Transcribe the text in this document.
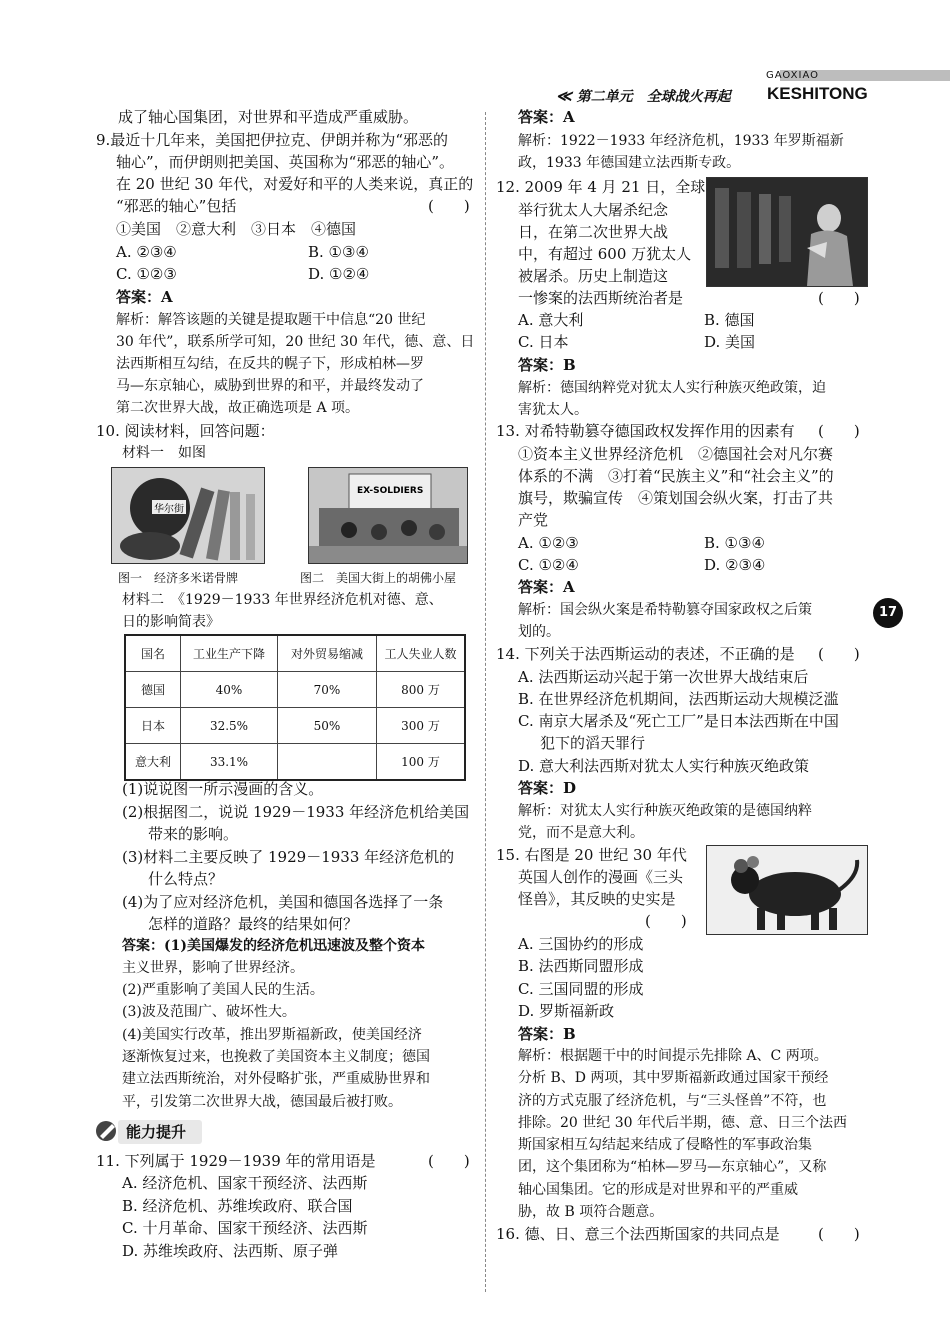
GAOXIAO
≪ 第二单元　全球战火再起 KESHITONG
17
成了轴心国集团，对世界和平造成严重威胁。
9.最近十几年来，美国把伊拉克、伊朗并称为“邪恶的
轴心”，而伊朗则把美国、英国称为“邪恶的轴心”。
在 20 世纪 30 年代，对爱好和平的人类来说，真正的
“邪恶的轴心”包括	(　　)
①美国　②意大利　③日本　④德国
A. ②③④	B. ①③④
C. ①②③	D. ①②④
答案：A
解析：解答该题的关键是提取题干中信息“20 世纪
30 年代”，联系所学可知，20 世纪 30 年代，德、意、日
法西斯相互勾结，在反共的幌子下，形成柏林—罗
马—东京轴心，威胁到世界的和平，并最终发动了
第二次世界大战，故正确选项是 A 项。
10. 阅读材料，回答问题：
材料一　如图
华尔街
EX-SOLDIERS
图一　经济多米诺骨牌	图二　美国大街上的胡佛小屋
材料二　《1929－1933 年世界经济危机对德、意、
日的影响简表》
国名	工业生产下降	对外贸易缩减	工人失业人数
德国	40%	70%	800 万
日本	32.5%	50%	300 万
意大利	33.1%		100 万
(1)说说图一所示漫画的含义。
(2)根据图二，说说 1929－1933 年经济危机给美国
带来的影响。
(3)材料二主要反映了 1929－1933 年经济危机的
什么特点？
(4)为了应对经济危机，美国和德国各选择了一条
怎样的道路？最终的结果如何？
答案：(1)美国爆发的经济危机迅速波及整个资本
主义世界，影响了世界经济。
(2)严重影响了美国人民的生活。
(3)波及范围广、破坏性大。
(4)美国实行改革，推出罗斯福新政，使美国经济
逐渐恢复过来，也挽救了美国资本主义制度；德国
建立法西斯统治，对外侵略扩张，严重威胁世界和
平，引发第二次世界大战，德国最后被打败。
能力提升
11. 下列属于 1929－1939 年的常用语是	(　　)
A. 经济危机、国家干预经济、法西斯
B. 经济危机、苏维埃政府、联合国
C. 十月革命、国家干预经济、法西斯
D. 苏维埃政府、法西斯、原子弹
答案：A
解析：1922－1933 年经济危机，1933 年罗斯福新
政，1933 年德国建立法西斯专政。
12. 2009 年 4 月 21 日，全球
举行犹太人大屠杀纪念
日，在第二次世界大战
中，有超过 600 万犹太人
被屠杀。历史上制造这
一惨案的法西斯统治者是	(　　)
A. 意大利	B. 德国
C. 日本	D. 美国
答案：B
解析：德国纳粹党对犹太人实行种族灭绝政策，迫
害犹太人。
13. 对希特勒篡夺德国政权发挥作用的因素有 (　　)
①资本主义世界经济危机　②德国社会对凡尔赛
体系的不满　③打着“民族主义”和“社会主义”的
旗号，欺骗宣传　④策划国会纵火案，打击了共
产党
A. ①②③	B. ①③④
C. ①②④	D. ②③④
答案：A
解析：国会纵火案是希特勒篡夺国家政权之后策
划的。
14. 下列关于法西斯运动的表述，不正确的是 (　　)
A. 法西斯运动兴起于第一次世界大战结束后
B. 在世界经济危机期间，法西斯运动大规模泛滥
C. 南京大屠杀及“死亡工厂”是日本法西斯在中国
犯下的滔天罪行
D. 意大利法西斯对犹太人实行种族灭绝政策
答案：D
解析：对犹太人实行种族灭绝政策的是德国纳粹
党，而不是意大利。
15. 右图是 20 世纪 30 年代
英国人创作的漫画《三头
怪兽》，其反映的史实是
(　　)
A. 三国协约的形成
B. 法西斯同盟形成
C. 三国同盟的形成
D. 罗斯福新政
答案：B
解析：根据题干中的时间提示先排除 A、C 两项。
分析 B、D 两项，其中罗斯福新政通过国家干预经
济的方式克服了经济危机，与“三头怪兽”不符，也
排除。20 世纪 30 年代后半期，德、意、日三个法西
斯国家相互勾结起来结成了侵略性的军事政治集
团，这个集团称为“柏林—罗马—东京轴心”，又称
轴心国集团。它的形成是对世界和平的严重威
胁，故 B 项符合题意。
16. 德、日、意三个法西斯国家的共同点是	(　　)
